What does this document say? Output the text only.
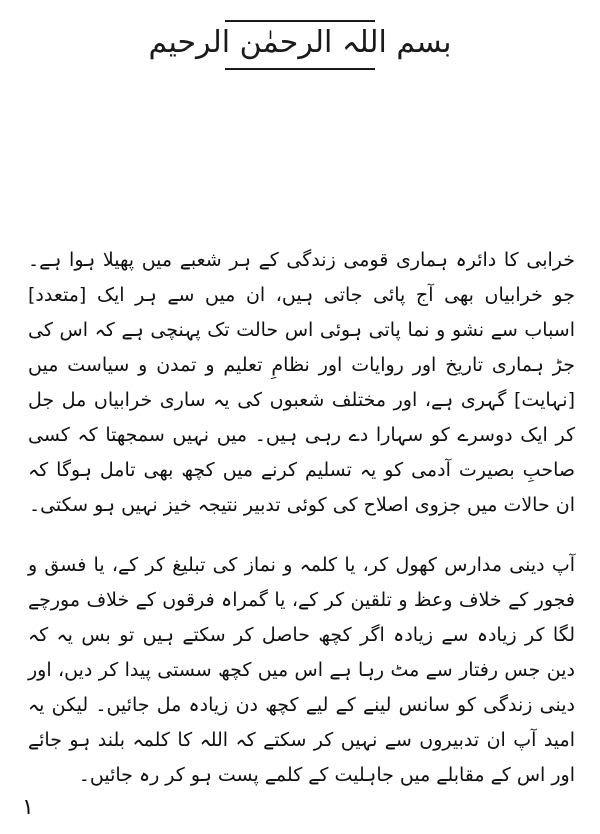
بسم اللہ الرحمٰن الرحیم

خرابی کا دائرہ ہماری قومی زندگی کے ہر شعبے میں پھیلا ہوا ہے۔ جو خرابیاں بھی آج پائی جاتی ہیں، ان میں سے ہر ایک [متعدد] اسباب سے نشو و نما پاتی ہوئی اس حالت تک پہنچی ہے کہ اس کی جڑ ہماری تاریخ اور روایات اور نظامِ تعلیم و تمدن و سیاست میں [نہایت] گہری ہے، اور مختلف شعبوں کی یہ ساری خرابیاں مل جل کر ایک دوسرے کو سہارا دے رہی ہیں۔ میں نہیں سمجھتا کہ کسی صاحبِ بصیرت آدمی کو یہ تسلیم کرنے میں کچھ بھی تامل ہوگا کہ ان حالات میں جزوی اصلاح کی کوئی تدبیر نتیجہ خیز نہیں ہو سکتی۔

آپ دینی مدارس کھول کر، یا کلمہ و نماز کی تبلیغ کر کے، یا فسق و فجور کے خلاف وعظ و تلقین کر کے، یا گمراہ فرقوں کے خلاف مورچے لگا کر زیادہ سے زیادہ اگر کچھ حاصل کر سکتے ہیں تو بس یہ کہ دین جس رفتار سے مٹ رہا ہے اس میں کچھ سستی پیدا کر دیں، اور دینی زندگی کو سانس لینے کے لیے کچھ دن زیادہ مل جائیں۔ لیکن یہ امید آپ ان تدبیروں سے نہیں کر سکتے کہ اللہ کا کلمہ بلند ہو جائے اور اس کے مقابلے میں جاہلیت کے کلمے پست ہو کر رہ جائیں۔

١
